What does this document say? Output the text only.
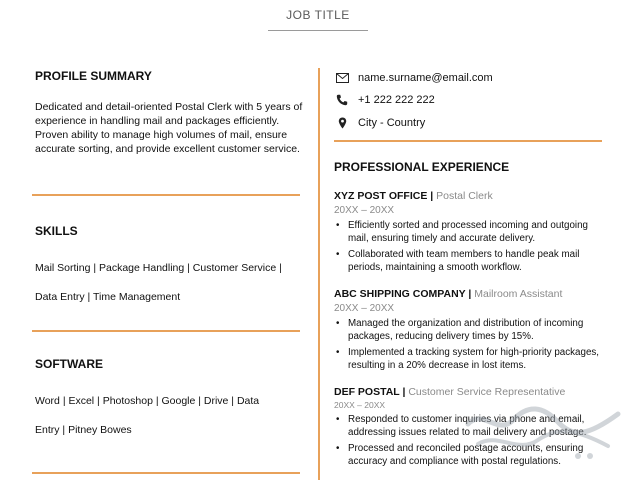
JOB TITLE
PROFILE SUMMARY
Dedicated and detail-oriented Postal Clerk with 5 years of experience in handling mail and packages efficiently. Proven ability to manage high volumes of mail, ensure accurate sorting, and provide excellent customer service.
SKILLS
Mail Sorting | Package Handling | Customer Service |
Data Entry | Time Management
SOFTWARE
Word | Excel | Photoshop | Google | Drive | Data
Entry | Pitney Bowes
name.surname@email.com
+1 222 222 222
City - Country
PROFESSIONAL EXPERIENCE
XYZ POST OFFICE | Postal Clerk
20XX – 20XX
• Efficiently sorted and processed incoming and outgoing mail, ensuring timely and accurate delivery.
• Collaborated with team members to handle peak mail periods, maintaining a smooth workflow.
ABC SHIPPING COMPANY | Mailroom Assistant
20XX – 20XX
• Managed the organization and distribution of incoming packages, reducing delivery times by 15%.
• Implemented a tracking system for high-priority packages, resulting in a 20% decrease in lost items.
DEF POSTAL | Customer Service Representative
20XX – 20XX
• Responded to customer inquiries via phone and email, addressing issues related to mail delivery and postage.
• Processed and reconciled postage accounts, ensuring accuracy and compliance with postal regulations.
